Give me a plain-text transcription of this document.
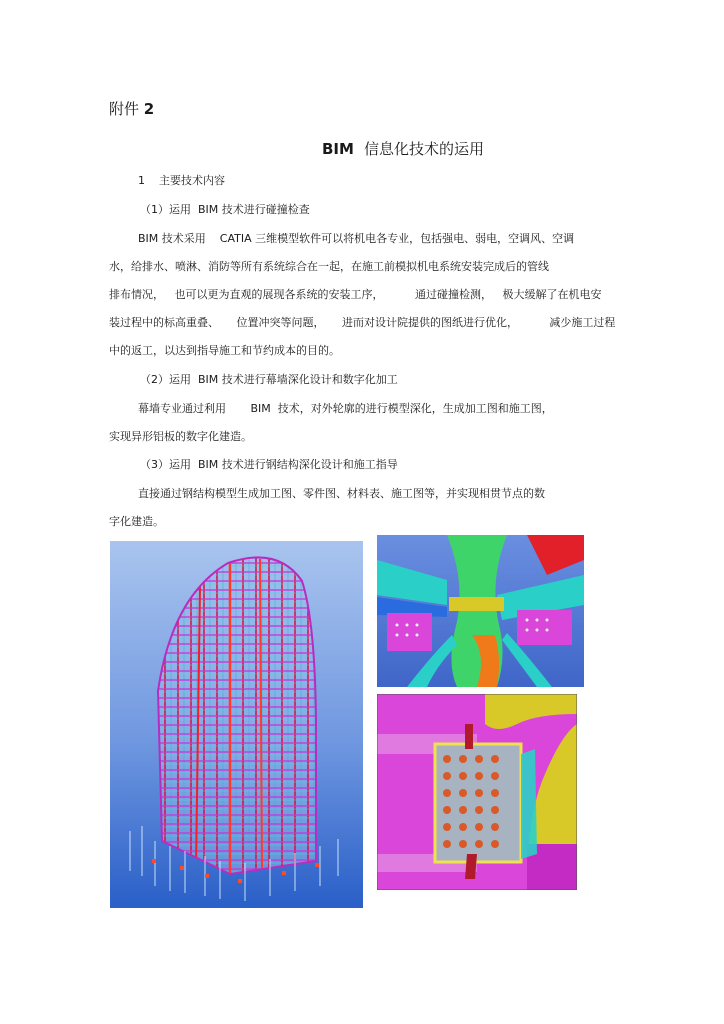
附件 2
BIM 信息化技术的运用
1    主要技术内容
（1）运用  BIM 技术进行碰撞检查
BIM 技术采用    CATIA 三维模型软件可以将机电各专业，包括强电、弱电，空调风、空调
水，给排水、喷淋、消防等所有系统综合在一起，在施工前模拟机电系统安装完成后的管线
排布情况，   也可以更为直观的展现各系统的安装工序，         通过碰撞检测，   极大缓解了在机电安
装过程中的标高重叠、     位置冲突等问题，     进而对设计院提供的图纸进行优化，         减少施工过程
中的返工，以达到指导施工和节约成本的目的。
（2）运用  BIM 技术进行幕墙深化设计和数字化加工
幕墙专业通过利用       BIM  技术，对外轮廓的进行模型深化，生成加工图和施工图，
实现异形铝板的数字化建造。
（3）运用  BIM 技术进行钢结构深化设计和施工指导
直接通过钢结构模型生成加工图、零件图、材料表、施工图等，并实现相贯节点的数
字化建造。
